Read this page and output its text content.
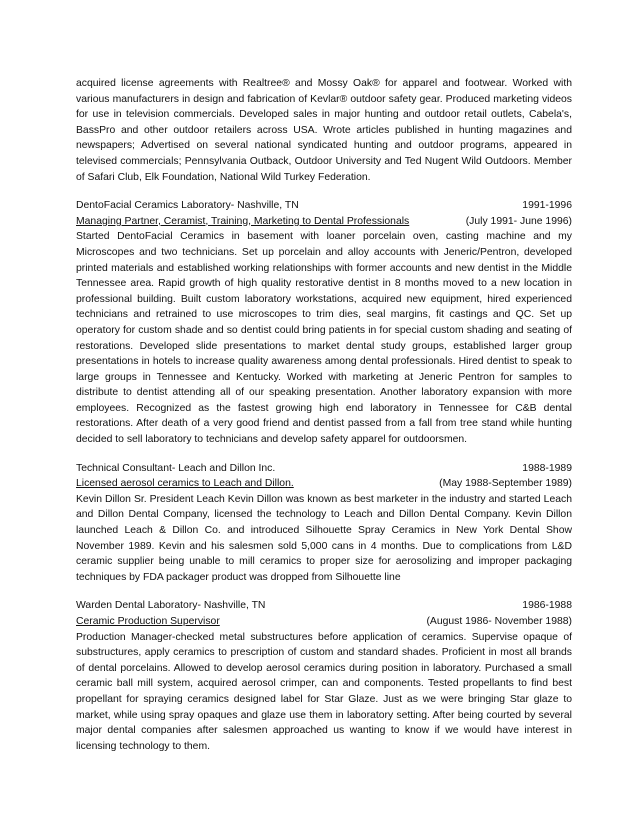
acquired license agreements with Realtree® and Mossy Oak® for apparel and footwear. Worked with various manufacturers in design and fabrication of Kevlar® outdoor safety gear. Produced marketing videos for use in television commercials. Developed sales in major hunting and outdoor retail outlets, Cabela's, BassPro and other outdoor retailers across USA. Wrote articles published in hunting magazines and newspapers; Advertised on several national syndicated hunting and outdoor programs, appeared in televised commercials; Pennsylvania Outback, Outdoor University and Ted Nugent Wild Outdoors. Member of Safari Club, Elk Foundation, National Wild Turkey Federation.

DentoFacial Ceramics Laboratory- Nashville, TN	1991-1996
Managing Partner, Ceramist, Training, Marketing to Dental Professionals	(July 1991- June 1996)

Started DentoFacial Ceramics in basement with loaner porcelain oven, casting machine and my Microscopes and two technicians. Set up porcelain and alloy accounts with Jeneric/Pentron, developed printed materials and established working relationships with former accounts and new dentist in the Middle Tennessee area. Rapid growth of high quality restorative dentist in 8 months moved to a new location in professional building. Built custom laboratory workstations, acquired new equipment, hired experienced technicians and retrained to use microscopes to trim dies, seal margins, fit castings and QC. Set up operatory for custom shade and so dentist could bring patients in for special custom shading and seating of restorations. Developed slide presentations to market dental study groups, established larger group presentations in hotels to increase quality awareness among dental professionals. Hired dentist to speak to large groups in Tennessee and Kentucky. Worked with marketing at Jeneric Pentron for samples to distribute to dentist attending all of our speaking presentation. Another laboratory expansion with more employees. Recognized as the fastest growing high end laboratory in Tennessee for C&B dental restorations. After death of a very good friend and dentist passed from a fall from tree stand while hunting decided to sell laboratory to technicians and develop safety apparel for outdoorsmen.

Technical Consultant- Leach and Dillon Inc.	1988-1989
Licensed aerosol ceramics to Leach and Dillon.	(May 1988-September 1989)

Kevin Dillon Sr. President Leach Kevin Dillon was known as best marketer in the industry and started Leach and Dillon Dental Company, licensed the technology to Leach and Dillon Dental Company. Kevin Dillon launched Leach & Dillon Co. and introduced Silhouette Spray Ceramics in New York Dental Show November 1989. Kevin and his salesmen sold 5,000 cans in 4 months. Due to complications from L&D ceramic supplier being unable to mill ceramics to proper size for aerosolizing and improper packaging techniques by FDA packager product was dropped from Silhouette line

Warden Dental Laboratory- Nashville, TN	1986-1988
Ceramic Production Supervisor	(August 1986- November 1988)

Production Manager-checked metal substructures before application of ceramics. Supervise opaque of substructures, apply ceramics to prescription of custom and standard shades. Proficient in most all brands of dental porcelains. Allowed to develop aerosol ceramics during position in laboratory. Purchased a small ceramic ball mill system, acquired aerosol crimper, can and components. Tested propellants to find best propellant for spraying ceramics designed label for Star Glaze. Just as we were bringing Star glaze to market, while using spray opaques and glaze use them in laboratory setting. After being courted by several major dental companies after salesmen approached us wanting to know if we would have interest in licensing technology to them.
